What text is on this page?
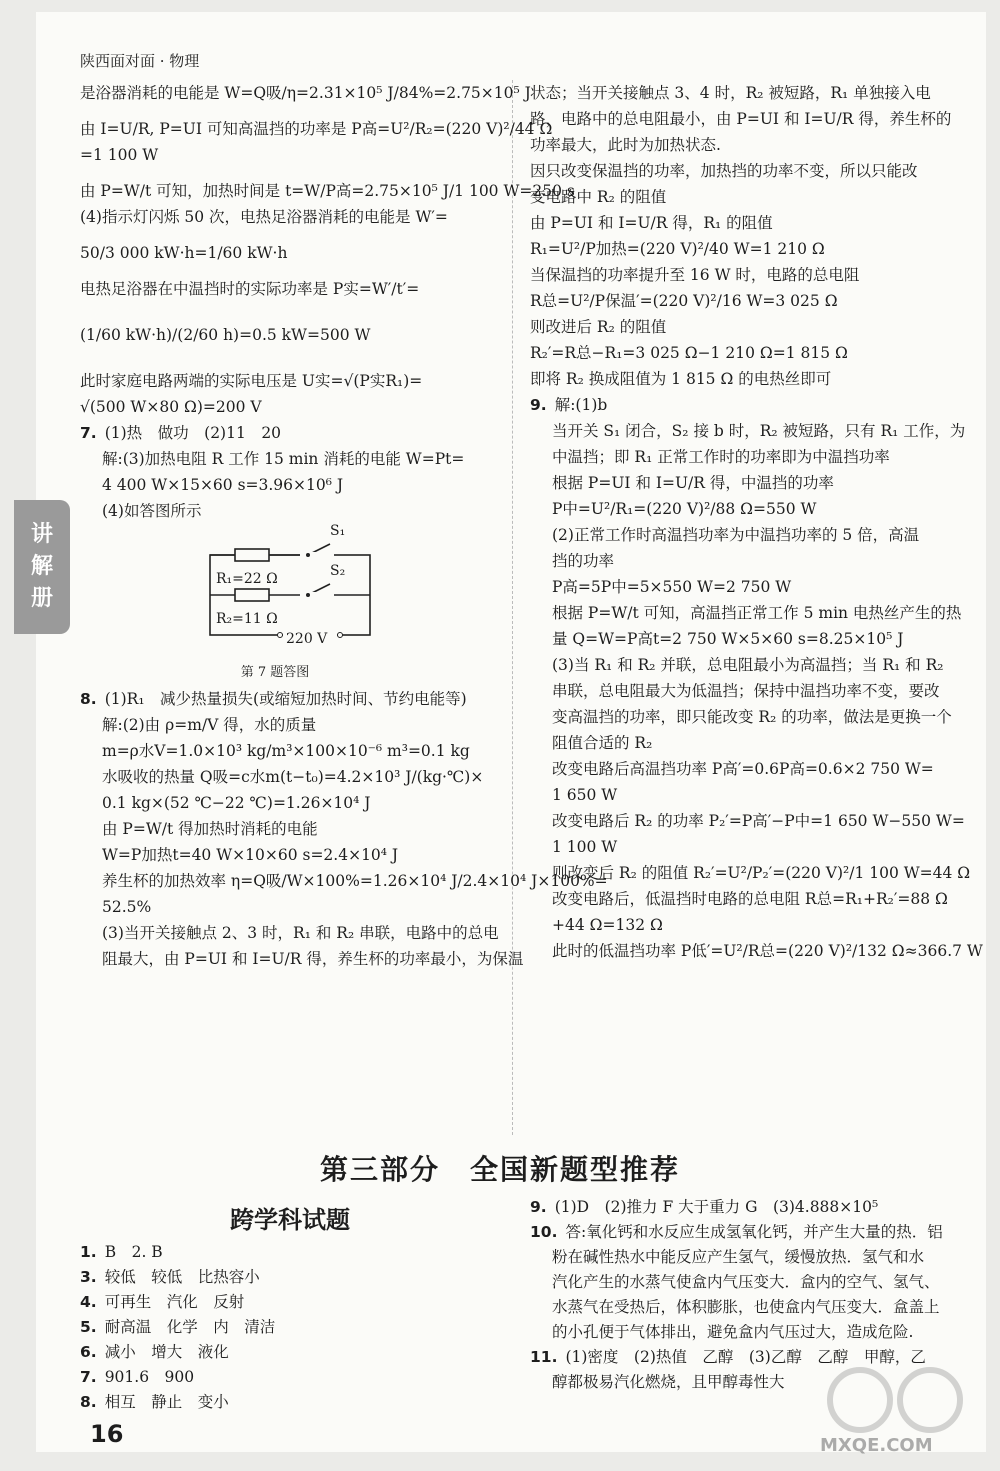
陕西面对面 · 物理
讲
解
册
是浴器消耗的电能是 W=Q吸/η=2.31×10⁵ J/84%=2.75×10⁵ J
由 I=U/R, P=UI 可知高温挡的功率是 P高=U²/R₂=(220 V)²/44 Ω
=1 100 W
由 P=W/t 可知，加热时间是 t=W/P高=2.75×10⁵ J/1 100 W=250 s
(4)指示灯闪烁 50 次，电热足浴器消耗的电能是 W′=
50/3 000 kW·h=1/60 kW·h
电热足浴器在中温挡时的实际功率是 P实=W′/t′=
(1/60 kW·h)/(2/60 h)=0.5 kW=500 W
此时家庭电路两端的实际电压是 U实=√(P实R₁)=
√(500 W×80 Ω)=200 V
7. (1)热　做功　(2)11　20
解:(3)加热电阻 R 工作 15 min 消耗的电能 W=Pt=
4 400 W×15×60 s=3.96×10⁶ J
(4)如答图所示
S₁
S₂
R₁=22 Ω
R₂=11 Ω
220 V
第 7 题答图
8. (1)R₁　减少热量损失(或缩短加热时间、节约电能等)
解:(2)由 ρ=m/V 得，水的质量
m=ρ水V=1.0×10³ kg/m³×100×10⁻⁶ m³=0.1 kg
水吸收的热量 Q吸=c水m(t−t₀)=4.2×10³ J/(kg·℃)×
0.1 kg×(52 ℃−22 ℃)=1.26×10⁴ J
由 P=W/t 得加热时消耗的电能
W=P加热t=40 W×10×60 s=2.4×10⁴ J
养生杯的加热效率 η=Q吸/W×100%=1.26×10⁴ J/2.4×10⁴ J×100%=
52.5%
(3)当开关接触点 2、3 时，R₁ 和 R₂ 串联，电路中的总电
阻最大，由 P=UI 和 I=U/R 得，养生杯的功率最小，为保温
状态；当开关接触点 3、4 时，R₂ 被短路，R₁ 单独接入电
路，电路中的总电阻最小，由 P=UI 和 I=U/R 得，养生杯的
功率最大，此时为加热状态.
因只改变保温挡的功率，加热挡的功率不变，所以只能改
变电路中 R₂ 的阻值
由 P=UI 和 I=U/R 得，R₁ 的阻值
R₁=U²/P加热=(220 V)²/40 W=1 210 Ω
当保温挡的功率提升至 16 W 时，电路的总电阻
R总=U²/P保温′=(220 V)²/16 W=3 025 Ω
则改进后 R₂ 的阻值
R₂′=R总−R₁=3 025 Ω−1 210 Ω=1 815 Ω
即将 R₂ 换成阻值为 1 815 Ω 的电热丝即可
9. 解:(1)b
当开关 S₁ 闭合，S₂ 接 b 时，R₂ 被短路，只有 R₁ 工作，为
中温挡；即 R₁ 正常工作时的功率即为中温挡功率
根据 P=UI 和 I=U/R 得，中温挡的功率
P中=U²/R₁=(220 V)²/88 Ω=550 W
(2)正常工作时高温挡功率为中温挡功率的 5 倍，高温
挡的功率
P高=5P中=5×550 W=2 750 W
根据 P=W/t 可知，高温挡正常工作 5 min 电热丝产生的热
量 Q=W=P高t=2 750 W×5×60 s=8.25×10⁵ J
(3)当 R₁ 和 R₂ 并联，总电阻最小为高温挡；当 R₁ 和 R₂
串联，总电阻最大为低温挡；保持中温挡功率不变，要改
变高温挡的功率，即只能改变 R₂ 的功率，做法是更换一个
阻值合适的 R₂
改变电路后高温挡功率 P高′=0.6P高=0.6×2 750 W=
1 650 W
改变电路后 R₂ 的功率 P₂′=P高′−P中=1 650 W−550 W=
1 100 W
则改变后 R₂ 的阻值 R₂′=U²/P₂′=(220 V)²/1 100 W=44 Ω
改变电路后，低温挡时电路的总电阻 R总=R₁+R₂′=88 Ω
+44 Ω=132 Ω
此时的低温挡功率 P低′=U²/R总=(220 V)²/132 Ω≈366.7 W
第三部分　全国新题型推荐
跨学科试题
1. B　2. B
3. 较低　较低　比热容小
4. 可再生　汽化　反射
5. 耐高温　化学　内　清洁
6. 减小　增大　液化
7. 901.6　900
8. 相互　静止　变小
9. (1)D　(2)推力 F 大于重力 G　(3)4.888×10⁵
10. 答:氧化钙和水反应生成氢氧化钙，并产生大量的热．铝
粉在碱性热水中能反应产生氢气，缓慢放热．氢气和水
汽化产生的水蒸气使盒内气压变大．盒内的空气、氢气、
水蒸气在受热后，体积膨胀，也使盒内气压变大．盒盖上
的小孔便于气体排出，避免盒内气压过大，造成危险.
11. (1)密度　(2)热值　乙醇　(3)乙醇　乙醇　甲醇，乙
醇都极易汽化燃烧，且甲醇毒性大
16	MXQE.COM
